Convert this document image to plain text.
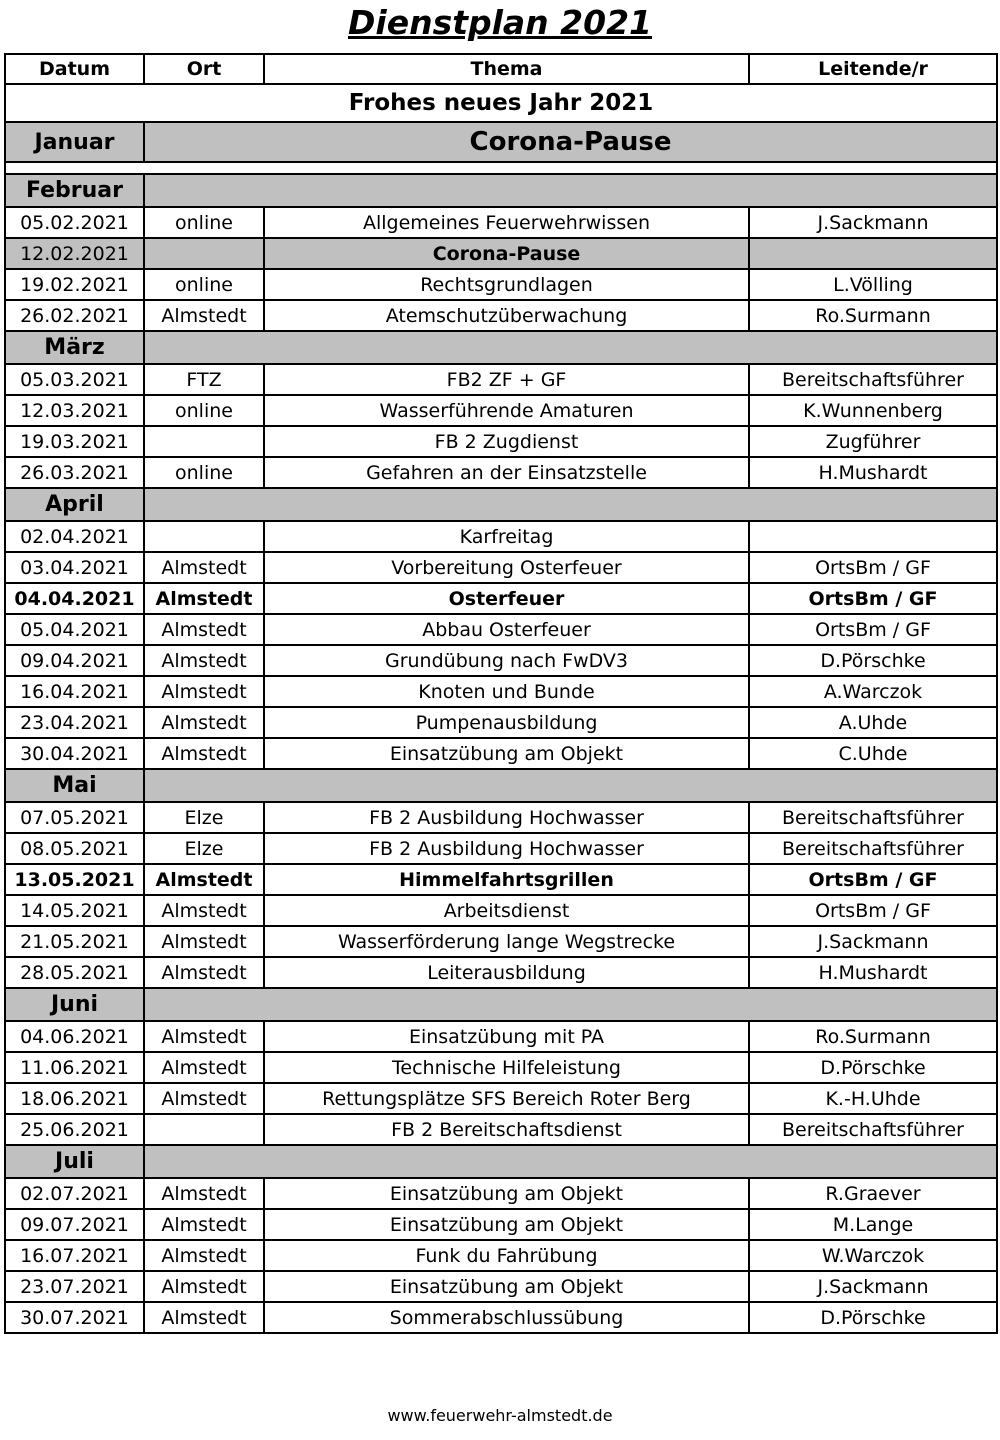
Dienstplan 2021
Datum	Ort	Thema	Leitende/r
Frohes neues Jahr 2021			
Januar	Corona-Pause		

Februar			
05.02.2021	online	Allgemeines Feuerwehrwissen	J.Sackmann
12.02.2021		Corona-Pause	
19.02.2021	online	Rechtsgrundlagen	L.Völling
26.02.2021	Almstedt	Atemschutzüberwachung	Ro.Surmann
März			
05.03.2021	FTZ	FB2 ZF + GF	Bereitschaftsführer
12.03.2021	online	Wasserführende Amaturen	K.Wunnenberg
19.03.2021		FB 2 Zugdienst	Zugführer
26.03.2021	online	Gefahren an der Einsatzstelle	H.Mushardt
April			
02.04.2021		Karfreitag	
03.04.2021	Almstedt	Vorbereitung Osterfeuer	OrtsBm / GF
04.04.2021	Almstedt	Osterfeuer	OrtsBm / GF
05.04.2021	Almstedt	Abbau Osterfeuer	OrtsBm / GF
09.04.2021	Almstedt	Grundübung nach FwDV3	D.Pörschke
16.04.2021	Almstedt	Knoten und Bunde	A.Warczok
23.04.2021	Almstedt	Pumpenausbildung	A.Uhde
30.04.2021	Almstedt	Einsatzübung am Objekt	C.Uhde
Mai			
07.05.2021	Elze	FB 2 Ausbildung Hochwasser	Bereitschaftsführer
08.05.2021	Elze	FB 2 Ausbildung Hochwasser	Bereitschaftsführer
13.05.2021	Almstedt	Himmelfahrtsgrillen	OrtsBm / GF
14.05.2021	Almstedt	Arbeitsdienst	OrtsBm / GF
21.05.2021	Almstedt	Wasserförderung lange Wegstrecke	J.Sackmann
28.05.2021	Almstedt	Leiterausbildung	H.Mushardt
Juni			
04.06.2021	Almstedt	Einsatzübung mit PA	Ro.Surmann
11.06.2021	Almstedt	Technische Hilfeleistung	D.Pörschke
18.06.2021	Almstedt	Rettungsplätze SFS Bereich Roter Berg	K.-H.Uhde
25.06.2021		FB 2 Bereitschaftsdienst	Bereitschaftsführer
Juli			
02.07.2021	Almstedt	Einsatzübung am Objekt	R.Graever
09.07.2021	Almstedt	Einsatzübung am Objekt	M.Lange
16.07.2021	Almstedt	Funk du Fahrübung	W.Warczok
23.07.2021	Almstedt	Einsatzübung am Objekt	J.Sackmann
30.07.2021	Almstedt	Sommerabschlussübung	D.Pörschke
www.feuerwehr-almstedt.de
